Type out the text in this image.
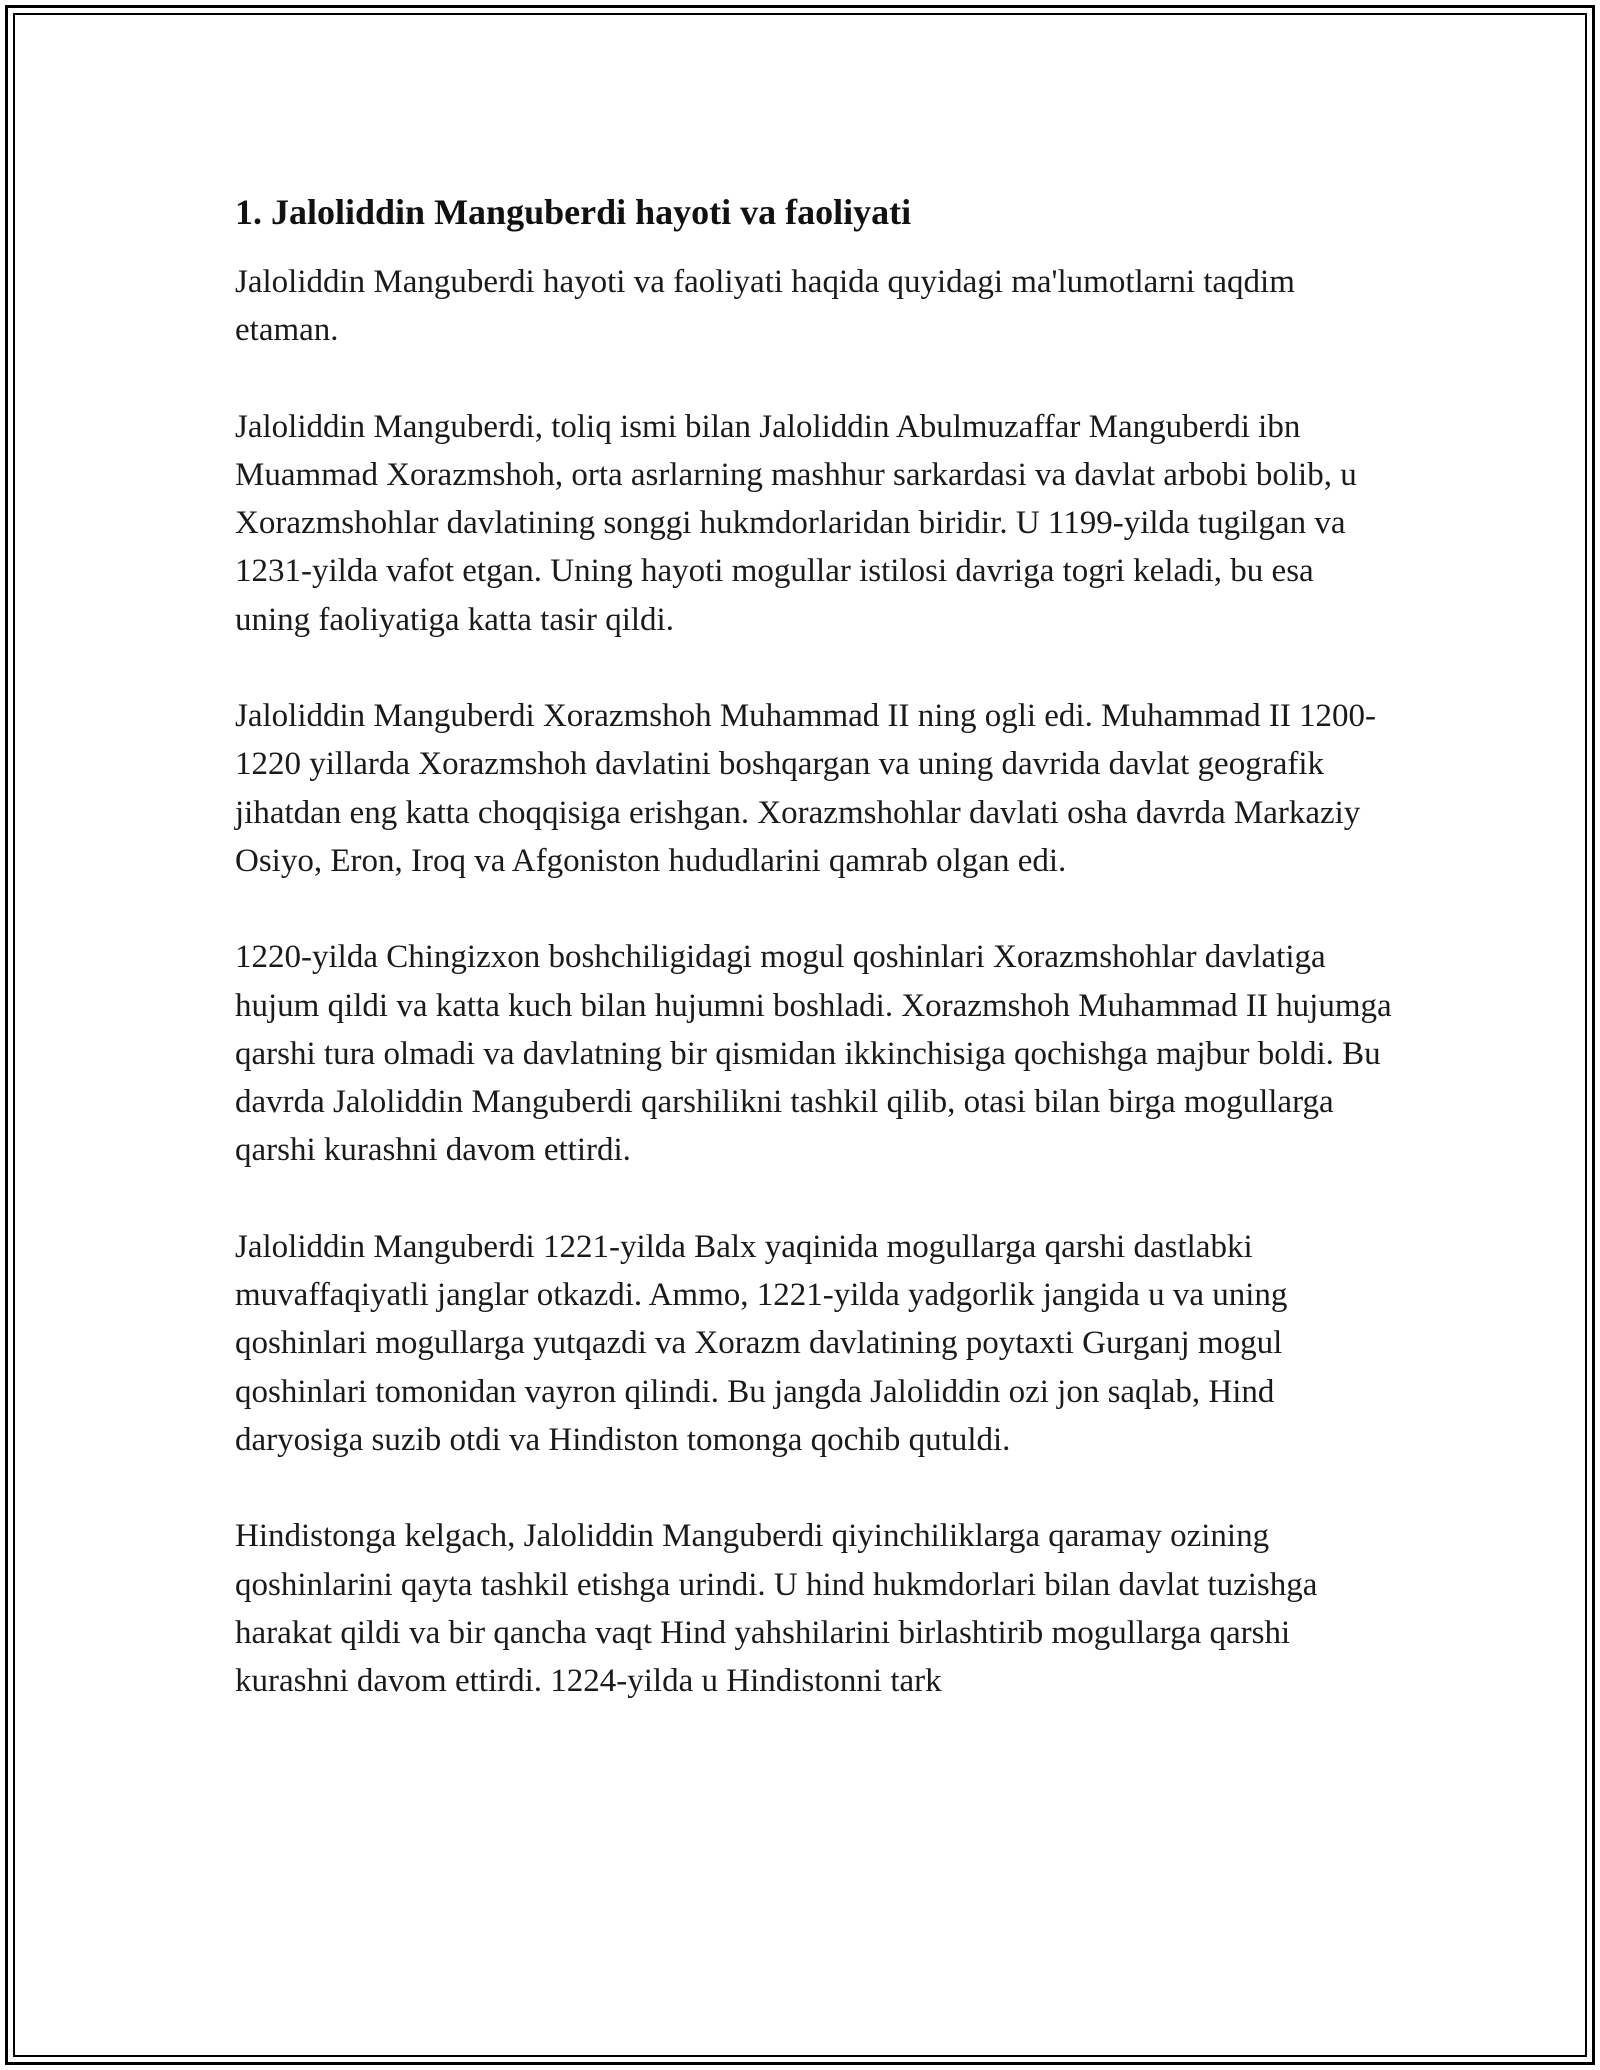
1. Jaloliddin Manguberdi hayoti va faoliyati

Jaloliddin Manguberdi hayoti va faoliyati haqida quyidagi ma'lumotlarni taqdim etaman.

Jaloliddin Manguberdi, toliq ismi bilan Jaloliddin Abulmuzaffar Manguberdi ibn Muammad Xorazmshoh, orta asrlarning mashhur sarkardasi va davlat arbobi bolib, u Xorazmshohlar davlatining songgi hukmdorlaridan biridir. U 1199-yilda tugilgan va 1231-yilda vafot etgan. Uning hayoti mogullar istilosi davriga togri keladi, bu esa uning faoliyatiga katta tasir qildi.

Jaloliddin Manguberdi Xorazmshoh Muhammad II ning ogli edi. Muhammad II 1200-1220 yillarda Xorazmshoh davlatini boshqargan va uning davrida davlat geografik jihatdan eng katta choqqisiga erishgan. Xorazmshohlar davlati osha davrda Markaziy Osiyo, Eron, Iroq va Afgoniston hududlarini qamrab olgan edi.

1220-yilda Chingizxon boshchiligidagi mogul qoshinlari Xorazmshohlar davlatiga hujum qildi va katta kuch bilan hujumni boshladi. Xorazmshoh Muhammad II hujumga qarshi tura olmadi va davlatning bir qismidan ikkinchisiga qochishga majbur boldi. Bu davrda Jaloliddin Manguberdi qarshilikni tashkil qilib, otasi bilan birga mogullarga qarshi kurashni davom ettirdi.

Jaloliddin Manguberdi 1221-yilda Balx yaqinida mogullarga qarshi dastlabki muvaffaqiyatli janglar otkazdi. Ammo, 1221-yilda yadgorlik jangida u va uning qoshinlari mogullarga yutqazdi va Xorazm davlatining poytaxti Gurganj mogul qoshinlari tomonidan vayron qilindi. Bu jangda Jaloliddin ozi jon saqlab, Hind daryosiga suzib otdi va Hindiston tomonga qochib qutuldi.

Hindistonga kelgach, Jaloliddin Manguberdi qiyinchiliklarga qaramay ozining qoshinlarini qayta tashkil etishga urindi. U hind hukmdorlari bilan davlat tuzishga harakat qildi va bir qancha vaqt Hind yahshilarini birlashtirib mogullarga qarshi kurashni davom ettirdi. 1224-yilda u Hindistonni tark
